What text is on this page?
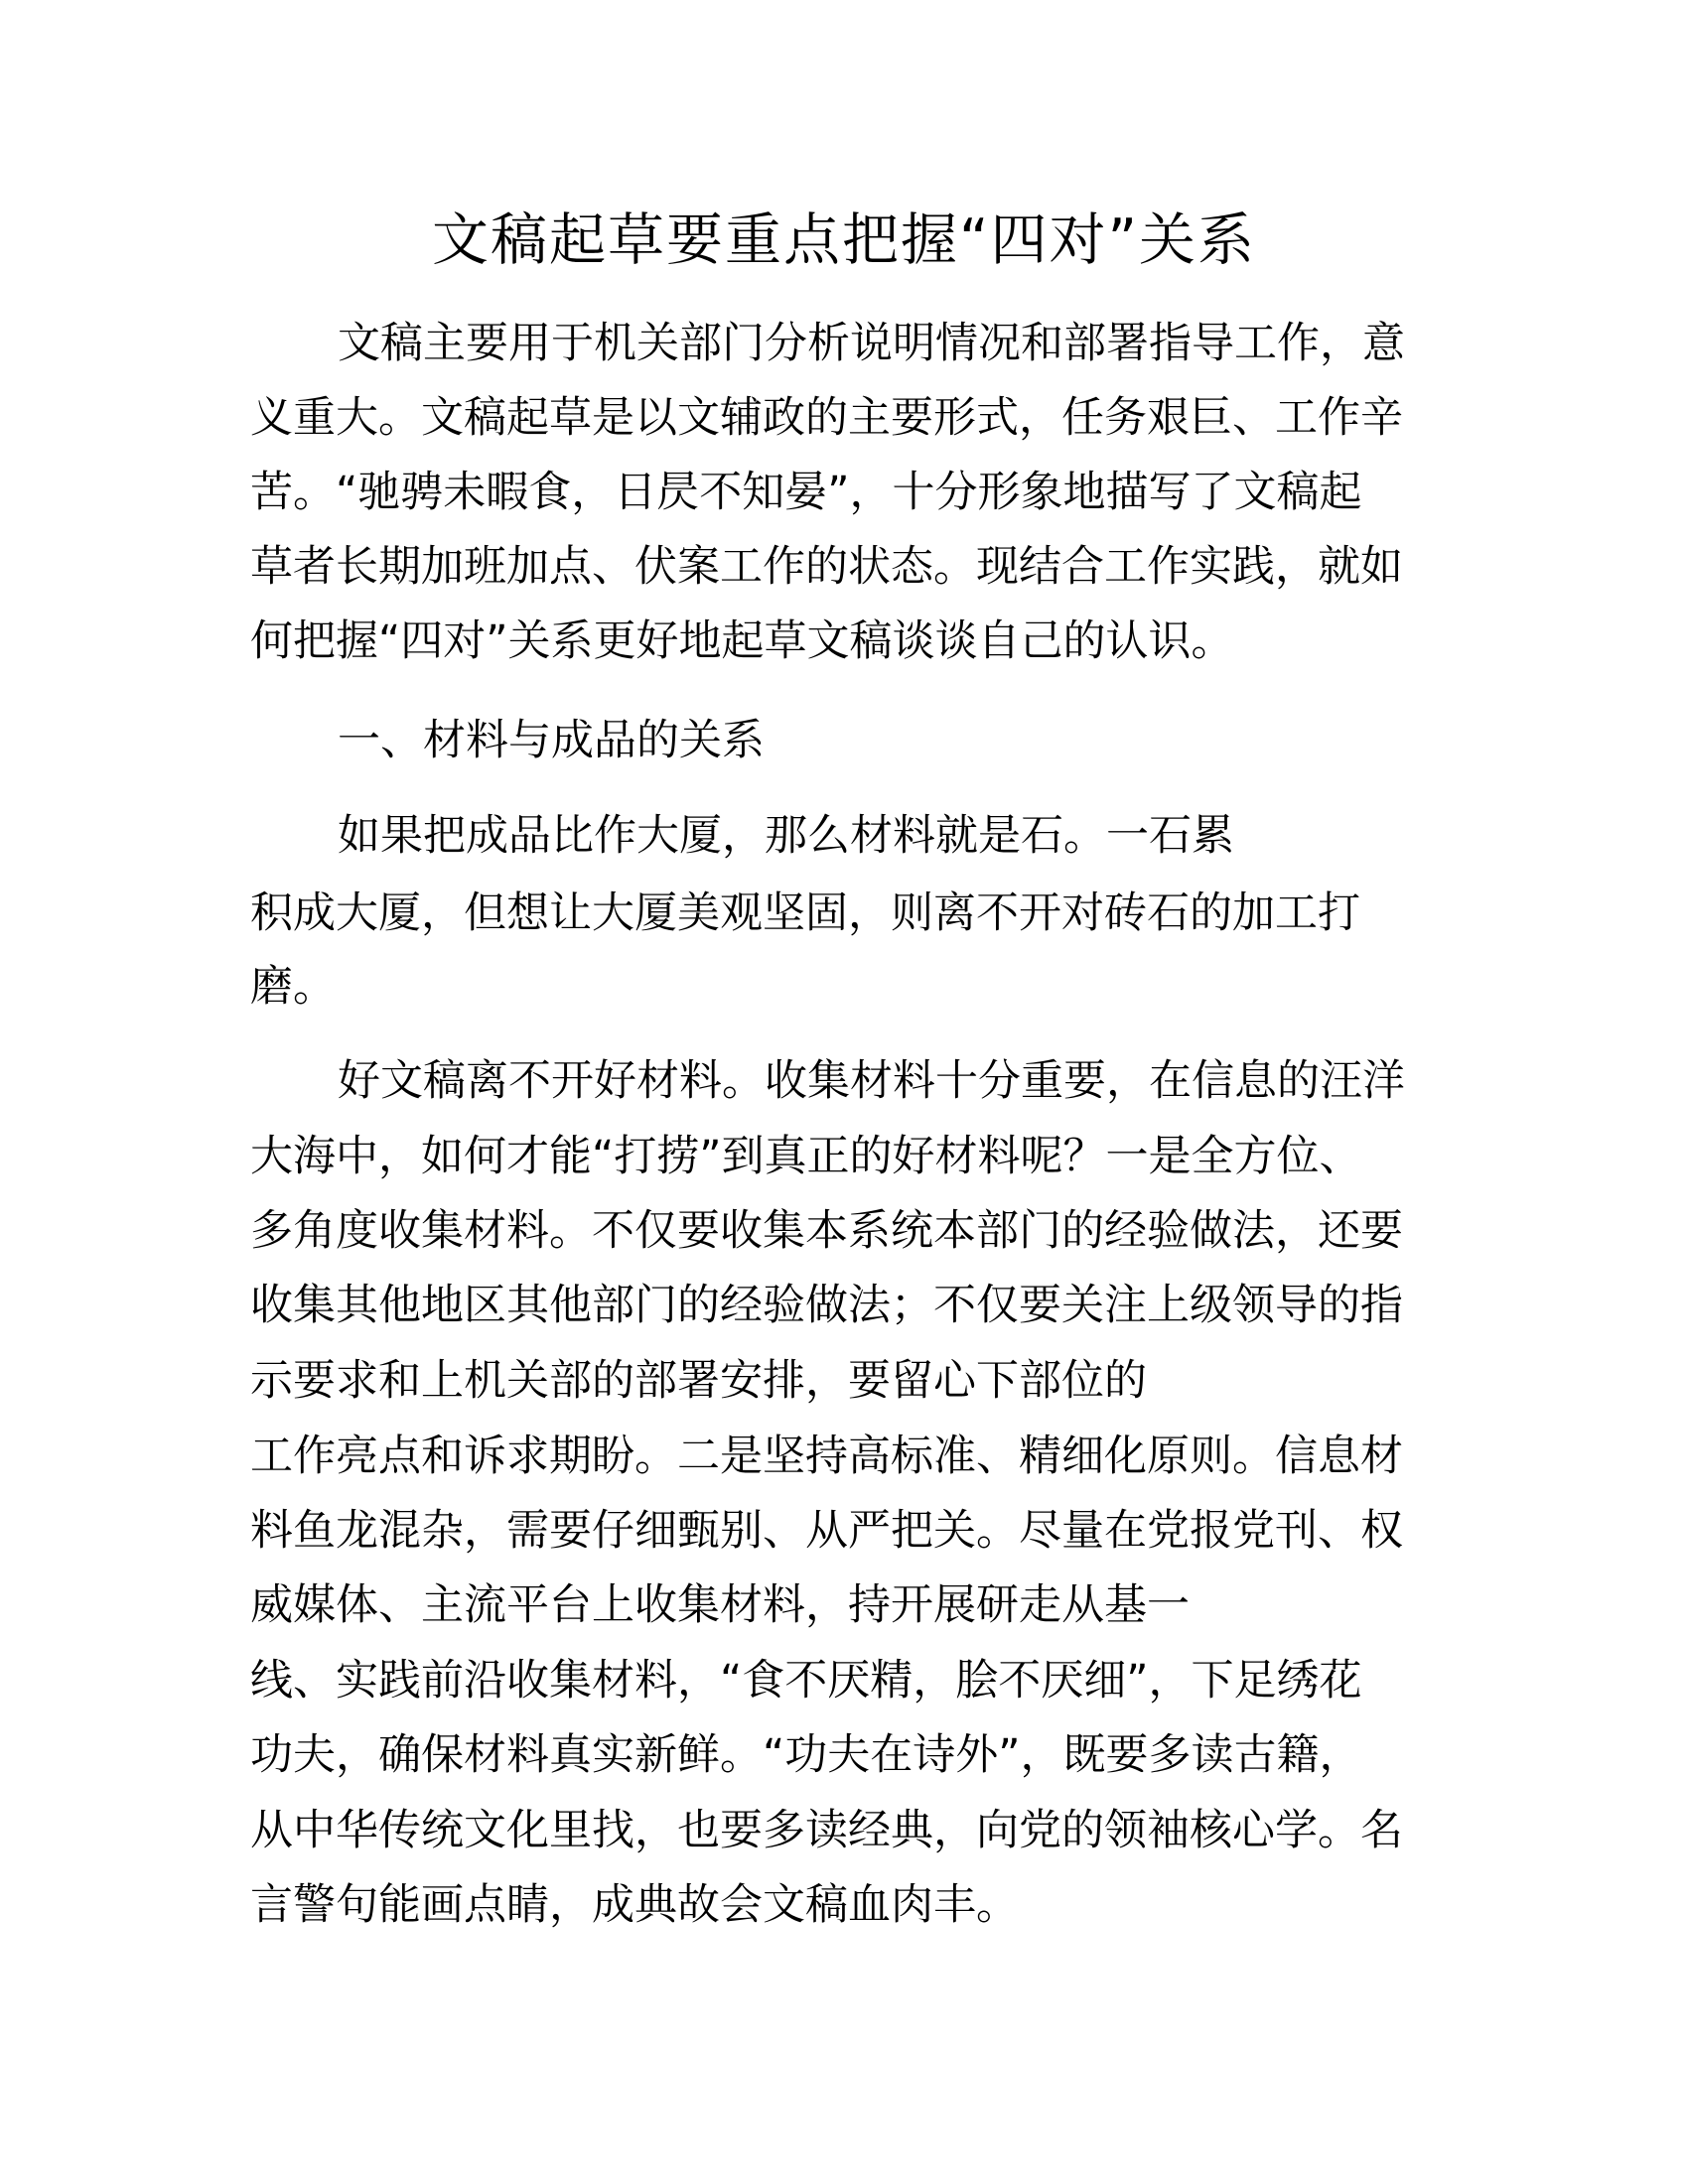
文稿起草要重点把握“四对”关系

文稿主要用于机关部门分析说明情况和部署指导工作，意

义重大。文稿起草是以文辅政的主要形式，任务艰巨、工作辛

苦。“驰骋未暇食，日昃不知晏”，十分形象地描写了文稿起

草者长期加班加点、伏案工作的状态。现结合工作实践，就如

何把握“四对”关系更好地起草文稿谈谈自己的认识。

一、材料与成品的关系

如果把成品比作大厦，那么材料就是石。一石累

积成大厦，但想让大厦美观坚固，则离不开对砖石的加工打

磨。

好文稿离不开好材料。收集材料十分重要，在信息的汪洋

大海中，如何才能“打捞”到真正的好材料呢？一是全方位、

多角度收集材料。不仅要收集本系统本部门的经验做法，还要

收集其他地区其他部门的经验做法；不仅要关注上级领导的指

示要求和上机关部的部署安排，要留心下部位的

工作亮点和诉求期盼。二是坚持高标准、精细化原则。信息材

料鱼龙混杂，需要仔细甄别、从严把关。尽量在党报党刊、权

威媒体、主流平台上收集材料，持开展研走从基一

线、实践前沿收集材料，“食不厌精，脍不厌细”，下足绣花

功夫，确保材料真实新鲜。“功夫在诗外”，既要多读古籍，

从中华传统文化里找，也要多读经典，向党的领袖核心学。名

言警句能画点睛，成典故会文稿血肉丰。
